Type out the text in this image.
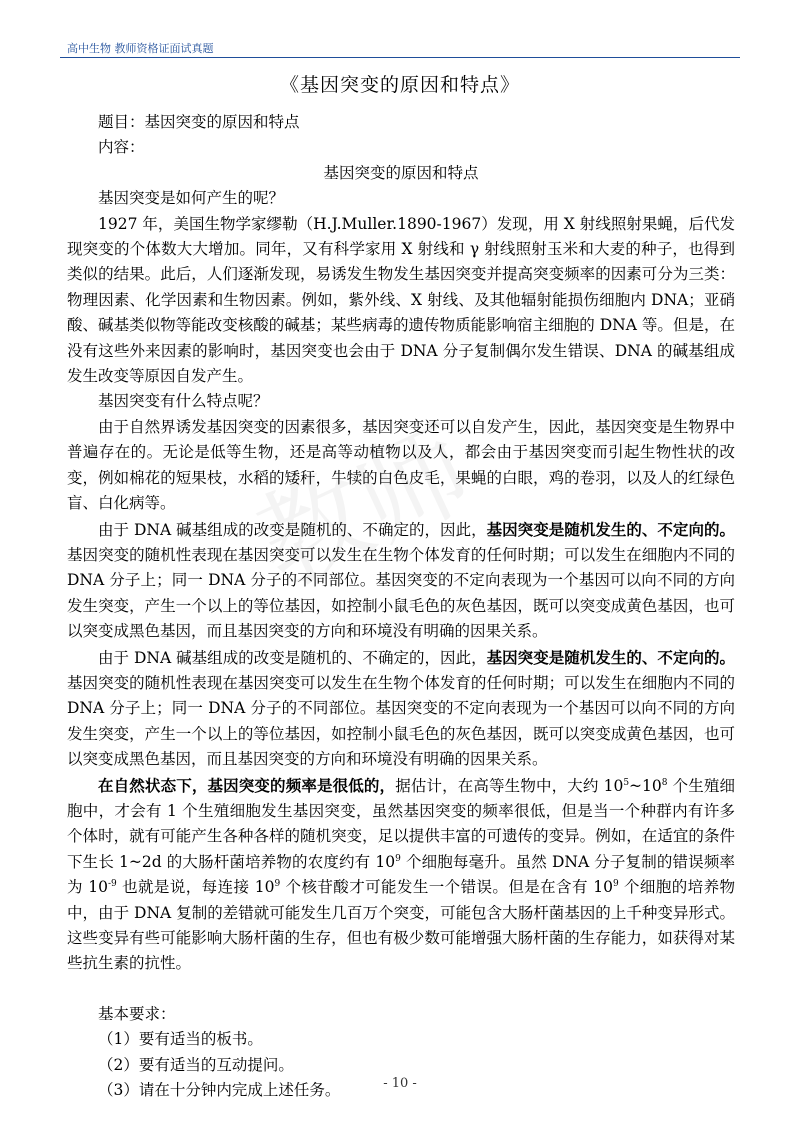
高中生物 教师资格证面试真题
《基因突变的原因和特点》

题目：基因突变的原因和特点

内容：

基因突变的原因和特点

基因突变是如何产生的呢？

1927 年，美国生物学家缪勒（H.J.Muller.1890-1967）发现，用 X 射线照射果蝇，后代发现突变的个体数大大增加。同年，又有科学家用 X 射线和 γ 射线照射玉米和大麦的种子，也得到类似的结果。此后，人们逐渐发现，易诱发生物发生基因突变并提高突变频率的因素可分为三类：物理因素、化学因素和生物因素。例如，紫外线、X 射线、及其他辐射能损伤细胞内 DNA；亚硝酸、碱基类似物等能改变核酸的碱基；某些病毒的遗传物质能影响宿主细胞的 DNA 等。但是，在没有这些外来因素的影响时，基因突变也会由于 DNA 分子复制偶尔发生错误、DNA 的碱基组成发生改变等原因自发产生。

基因突变有什么特点呢？

由于自然界诱发基因突变的因素很多，基因突变还可以自发产生，因此，基因突变是生物界中普遍存在的。无论是低等生物，还是高等动植物以及人，都会由于基因突变而引起生物性状的改变，例如棉花的短果枝，水稻的矮秆，牛犊的白色皮毛，果蝇的白眼，鸡的卷羽，以及人的红绿色盲、白化病等。

由于 DNA 碱基组成的改变是随机的、不确定的，因此，基因突变是随机发生的、不定向的。基因突变的随机性表现在基因突变可以发生在生物个体发育的任何时期；可以发生在细胞内不同的 DNA 分子上；同一 DNA 分子的不同部位。基因突变的不定向表现为一个基因可以向不同的方向发生突变，产生一个以上的等位基因，如控制小鼠毛色的灰色基因，既可以突变成黄色基因，也可以突变成黑色基因，而且基因突变的方向和环境没有明确的因果关系。

由于 DNA 碱基组成的改变是随机的、不确定的，因此，基因突变是随机发生的、不定向的。基因突变的随机性表现在基因突变可以发生在生物个体发育的任何时期；可以发生在细胞内不同的 DNA 分子上；同一 DNA 分子的不同部位。基因突变的不定向表现为一个基因可以向不同的方向发生突变，产生一个以上的等位基因，如控制小鼠毛色的灰色基因，既可以突变成黄色基因，也可以突变成黑色基因，而且基因突变的方向和环境没有明确的因果关系。

在自然状态下，基因突变的频率是很低的，据估计，在高等生物中，大约 $10^5\sim 10^8$ 个生殖细胞中，才会有 1 个生殖细胞发生基因突变，虽然基因突变的频率很低，但是当一个种群内有许多个体时，就有可能产生各种各样的随机突变，足以提供丰富的可遗传的变异。例如，在适宜的条件下生长 1~2d 的大肠杆菌培养物的农度约有 $10^9$ 个细胞每毫升。虽然 DNA 分子复制的错误频率为 $10^{-9}$ 也就是说，每连接 $10^9$ 个核苷酸才可能发生一个错误。但是在含有 $10^9$ 个细胞的培养物中，由于 DNA 复制的差错就可能发生几百万个突变，可能包含大肠杆菌基因的上千种变异形式。这些变异有些可能影响大肠杆菌的生存，但也有极少数可能增强大肠杆菌的生存能力，如获得对某些抗生素的抗性。

基本要求：

（1）要有适当的板书。

（2）要有适当的互动提问。

（3）请在十分钟内完成上述任务。	- 10 -
